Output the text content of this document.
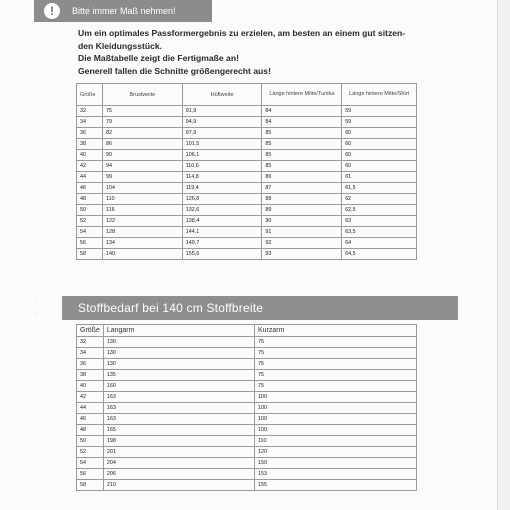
!	Bitte immer Maß nehmen!
Um ein optimales Passformergebnis zu erzielen, am besten an einem gut sitzen-
den Kleidungsstück.
Die Maßtabelle zeigt die Fertigmaße an!
Generell fallen die Schnitte größengerecht aus!
Größe	Brustweite	Hüftweite	Länge hintere Mitte/Tunika	Länge hintere Mitte/Shirt
32	75	91,9	84	59
34	79	94,9	84	59
36	82	97,9	85	60
38	86	101,5	85	60
40	90	106,1	85	60
42	94	110,6	85	60
44	99	114,8	86	61
46	104	119,4	87	61,5
48	110	126,8	88	62
50	116	132,6	89	62,5
52	122	138,4	90	63
54	128	144,1	91	63,5
56	134	149,7	92	64
58	140	155,6	93	64,5
·
·	Stoffbedarf bei 140 cm Stoffbreite
Größe	Langarm	Kurzarm
32	130	75
34	130	75
36	130	75
38	135	75
40	160	75
42	163	100
44	163	100
46	163	100
48	165	100
50	198	110
52	201	120
54	204	150
56	206	153
58	210	155
